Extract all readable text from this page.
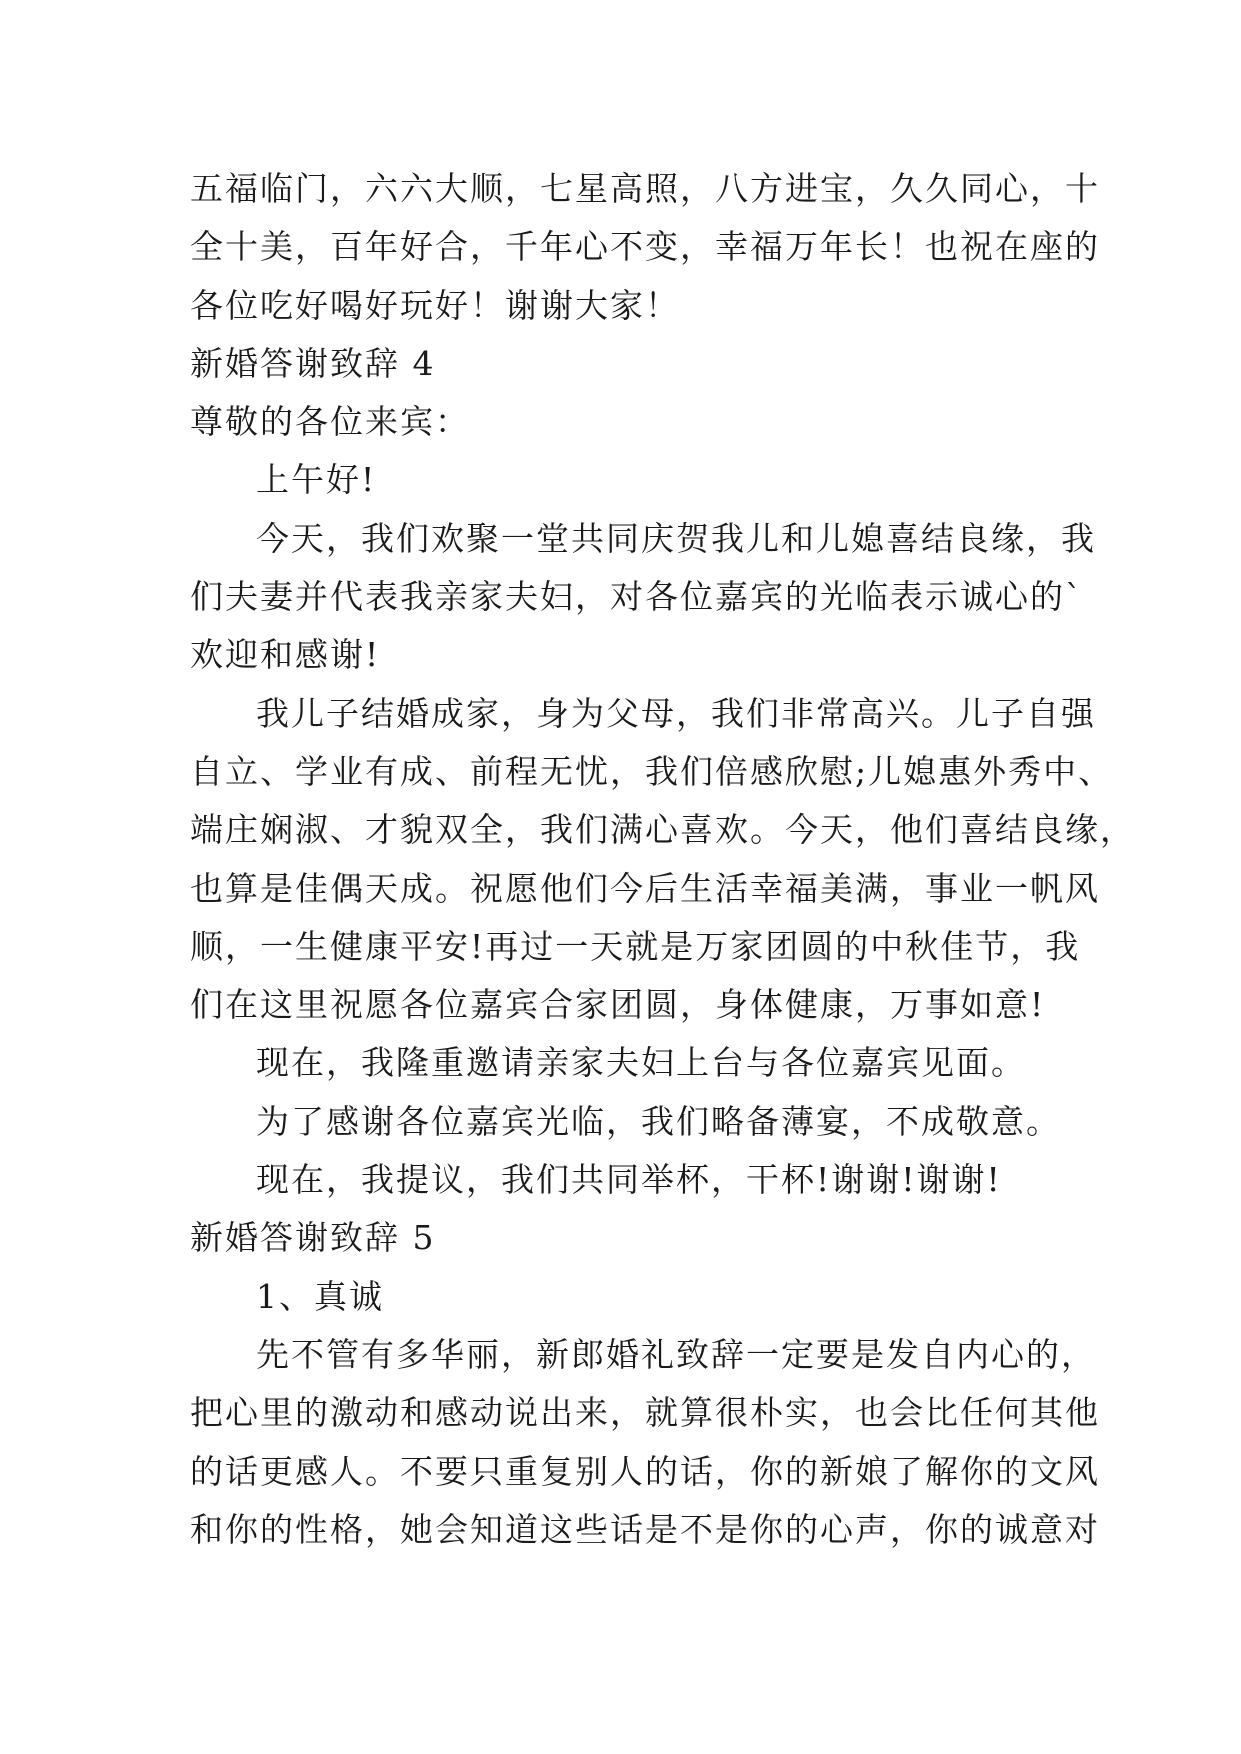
五福临门，六六大顺，七星高照，八方进宝，久久同心，十
全十美，百年好合，千年心不变，幸福万年长！也祝在座的
各位吃好喝好玩好！谢谢大家！
新婚答谢致辞 4
尊敬的各位来宾：
上午好!
今天，我们欢聚一堂共同庆贺我儿和儿媳喜结良缘，我
们夫妻并代表我亲家夫妇，对各位嘉宾的光临表示诚心的`
欢迎和感谢!
我儿子结婚成家，身为父母，我们非常高兴。儿子自强
自立、学业有成、前程无忧，我们倍感欣慰;儿媳惠外秀中、
端庄娴淑、才貌双全，我们满心喜欢。今天，他们喜结良缘，
也算是佳偶天成。祝愿他们今后生活幸福美满，事业一帆风
顺，一生健康平安!再过一天就是万家团圆的中秋佳节，我
们在这里祝愿各位嘉宾合家团圆，身体健康，万事如意!
现在，我隆重邀请亲家夫妇上台与各位嘉宾见面。
为了感谢各位嘉宾光临，我们略备薄宴，不成敬意。
现在，我提议，我们共同举杯，干杯!谢谢!谢谢!
新婚答谢致辞 5
1、真诚
先不管有多华丽，新郎婚礼致辞一定要是发自内心的，
把心里的激动和感动说出来，就算很朴实，也会比任何其他
的话更感人。不要只重复别人的话，你的新娘了解你的文风
和你的性格，她会知道这些话是不是你的心声，你的诚意对
